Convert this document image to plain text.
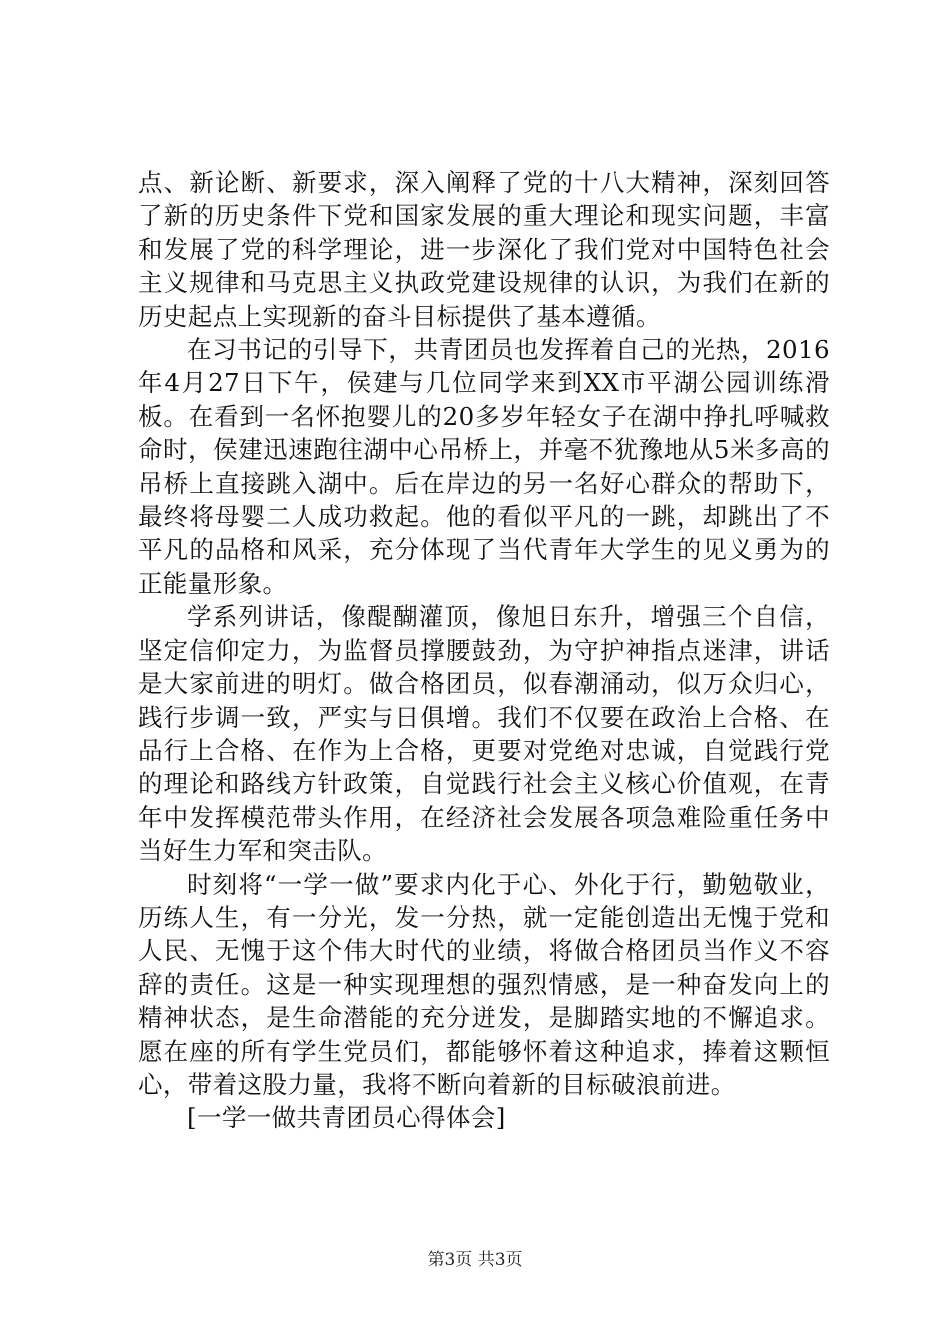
点、新论断、新要求，深入阐释了党的十八大精神，深刻回答了新的历史条件下党和国家发展的重大理论和现实问题，丰富和发展了党的科学理论，进一步深化了我们党对中国特色社会主义规律和马克思主义执政党建设规律的认识，为我们在新的历史起点上实现新的奋斗目标提供了基本遵循。

在习书记的引导下，共青团员也发挥着自己的光热，2016年4月27日下午，侯建与几位同学来到XX市平湖公园训练滑板。在看到一名怀抱婴儿的20多岁年轻女子在湖中挣扎呼喊救命时，侯建迅速跑往湖中心吊桥上，并毫不犹豫地从5米多高的吊桥上直接跳入湖中。后在岸边的另一名好心群众的帮助下，最终将母婴二人成功救起。他的看似平凡的一跳，却跳出了不平凡的品格和风采，充分体现了当代青年大学生的见义勇为的正能量形象。

学系列讲话，像醍醐灌顶，像旭日东升，增强三个自信，坚定信仰定力，为监督员撑腰鼓劲，为守护神指点迷津，讲话是大家前进的明灯。做合格团员，似春潮涌动，似万众归心，践行步调一致，严实与日俱增。我们不仅要在政治上合格、在品行上合格、在作为上合格，更要对党绝对忠诚，自觉践行党的理论和路线方针政策，自觉践行社会主义核心价值观，在青年中发挥模范带头作用，在经济社会发展各项急难险重任务中当好生力军和突击队。

时刻将“一学一做”要求内化于心、外化于行，勤勉敬业，历练人生，有一分光，发一分热，就一定能创造出无愧于党和人民、无愧于这个伟大时代的业绩，将做合格团员当作义不容辞的责任。这是一种实现理想的强烈情感，是一种奋发向上的精神状态，是生命潜能的充分迸发，是脚踏实地的不懈追求。愿在座的所有学生党员们，都能够怀着这种追求，捧着这颗恒心，带着这股力量，我将不断向着新的目标破浪前进。

[一学一做共青团员心得体会]

第3页 共3页
